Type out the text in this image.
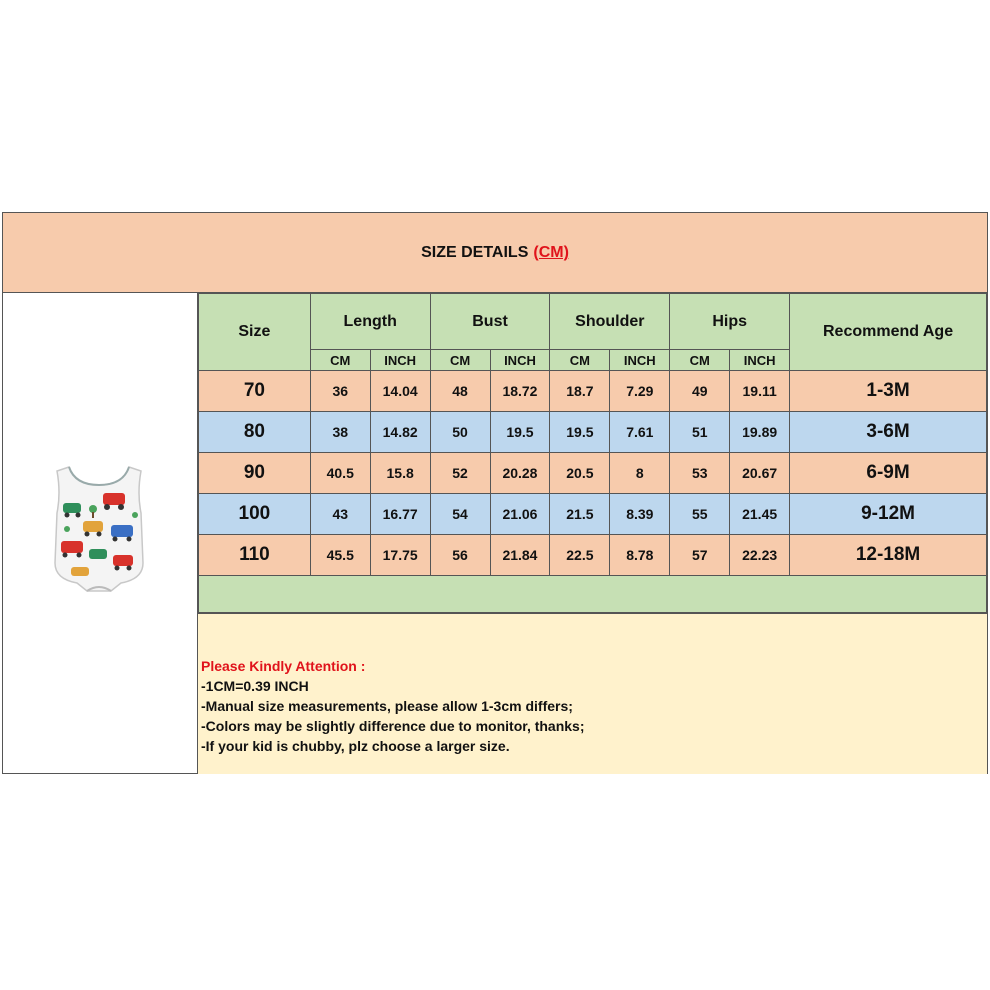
SIZE DETAILS (CM)
Size	Length		Bust		Shoulder		Hips		Recommend Age
	CM	INCH	CM	INCH	CM	INCH	CM	INCH	
70	36	14.04	48	18.72	18.7	7.29	49	19.11	1-3M
80	38	14.82	50	19.5	19.5	7.61	51	19.89	3-6M
90	40.5	15.8	52	20.28	20.5	8	53	20.67	6-9M
100	43	16.77	54	21.06	21.5	8.39	55	21.45	9-12M
110	45.5	17.75	56	21.84	22.5	8.78	57	22.23	12-18M

Please Kindly Attention :
-1CM=0.39 INCH
-Manual size measurements, please allow 1-3cm differs;
-Colors may be slightly difference due to monitor, thanks;
-If your kid is chubby, plz choose a larger size.
